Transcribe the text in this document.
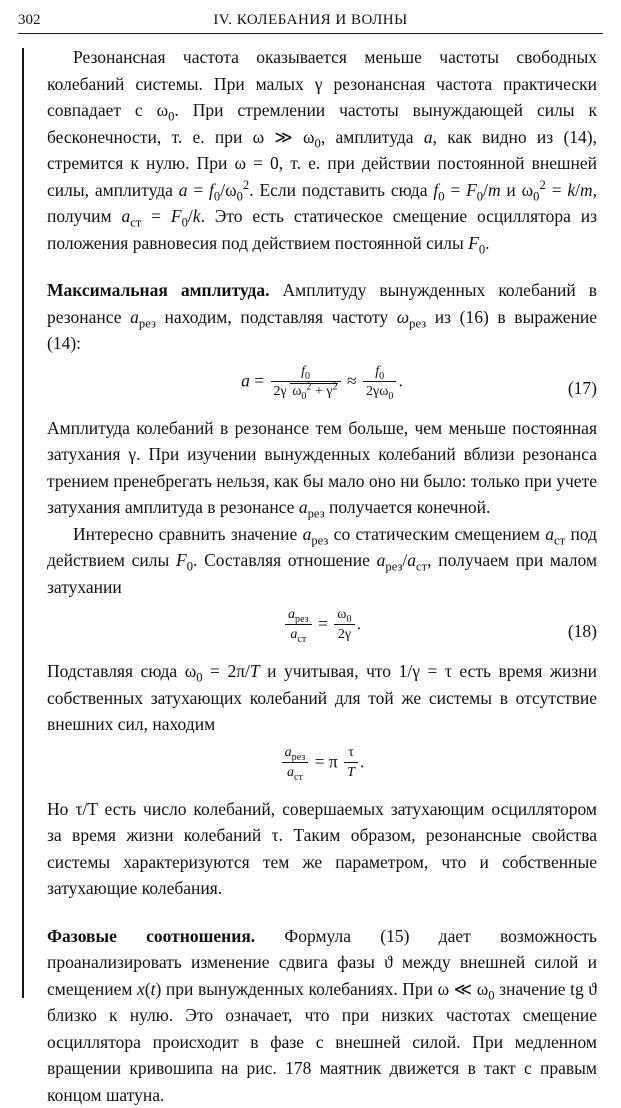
302	IV. КОЛЕБАНИЯ И ВОЛНЫ

Резонансная частота оказывается меньше частоты свободных колебаний системы. При малых γ резонансная частота практически совпадает с $\omega_0$. При стремлении частоты вынуждающей силы к бесконечности, т. е. при ω ≫ $\omega_0$, амплитуда a, как видно из (14), стремится к нулю. При ω = 0, т. е. при действии постоянной внешней силы, амплитуда $a = f_0/\omega_0^2$. Если подставить сюда $f_0 = F_0/m$ и $\omega_0^2 = k/m$, получим $a_{ст} = F_0/k$. Это есть статическое смещение осциллятора из положения равновесия под действием постоянной силы $F_0$.

Максимальная амплитуда. Амплитуду вынужденных колебаний в резонансе $a_{рез}$ находим, подставляя частоту $\omega_{рез}$ из (16) в выражение (14):

$a = \frac{f_0}{2\gamma \omega_0^2 + \gamma^2} \approx \frac{f_0}{2\gamma\omega_0}$ .	(17)

Амплитуда колебаний в резонансе тем больше, чем меньше постоянная затухания γ. При изучении вынужденных колебаний вблизи резонанса трением пренебрегать нельзя, как бы мало оно ни было: только при учете затухания амплитуда в резонансе $a_{рез}$ получается конечной.

Интересно сравнить значение $a_{рез}$ со статическим смещением $a_{ст}$ под действием силы $F_0$. Составляя отношение $a_{рез}/a_{ст}$, получаем при малом затухании

$\frac{a_{рез}}{a_{ст}} = \frac{\omega_0}{2\gamma}$ .	(18)

Подставляя сюда $\omega_0 = 2\pi/T$ и учитывая, что 1/γ = τ есть время жизни собственных затухающих колебаний для той же системы в отсутствие внешних сил, находим

$\frac{a_{рез}}{a_{ст}} = \pi \frac{\tau}{T}$ .

Но τ/T есть число колебаний, совершаемых затухающим осциллятором за время жизни колебаний τ. Таким образом, резонансные свойства системы характеризуются тем же параметром, что и собственные затухающие колебания.

Фазовые соотношения. Формула (15) дает возможность проанализировать изменение сдвига фазы ϑ между внешней силой и смещением x(t) при вынужденных колебаниях. При ω ≪ $\omega_0$ значение tg ϑ близко к нулю. Это означает, что при низких частотах смещение осциллятора происходит в фазе с внешней силой. При медленном вращении кривошипа на рис. 178 маятник движется в такт с правым концом шатуна.
